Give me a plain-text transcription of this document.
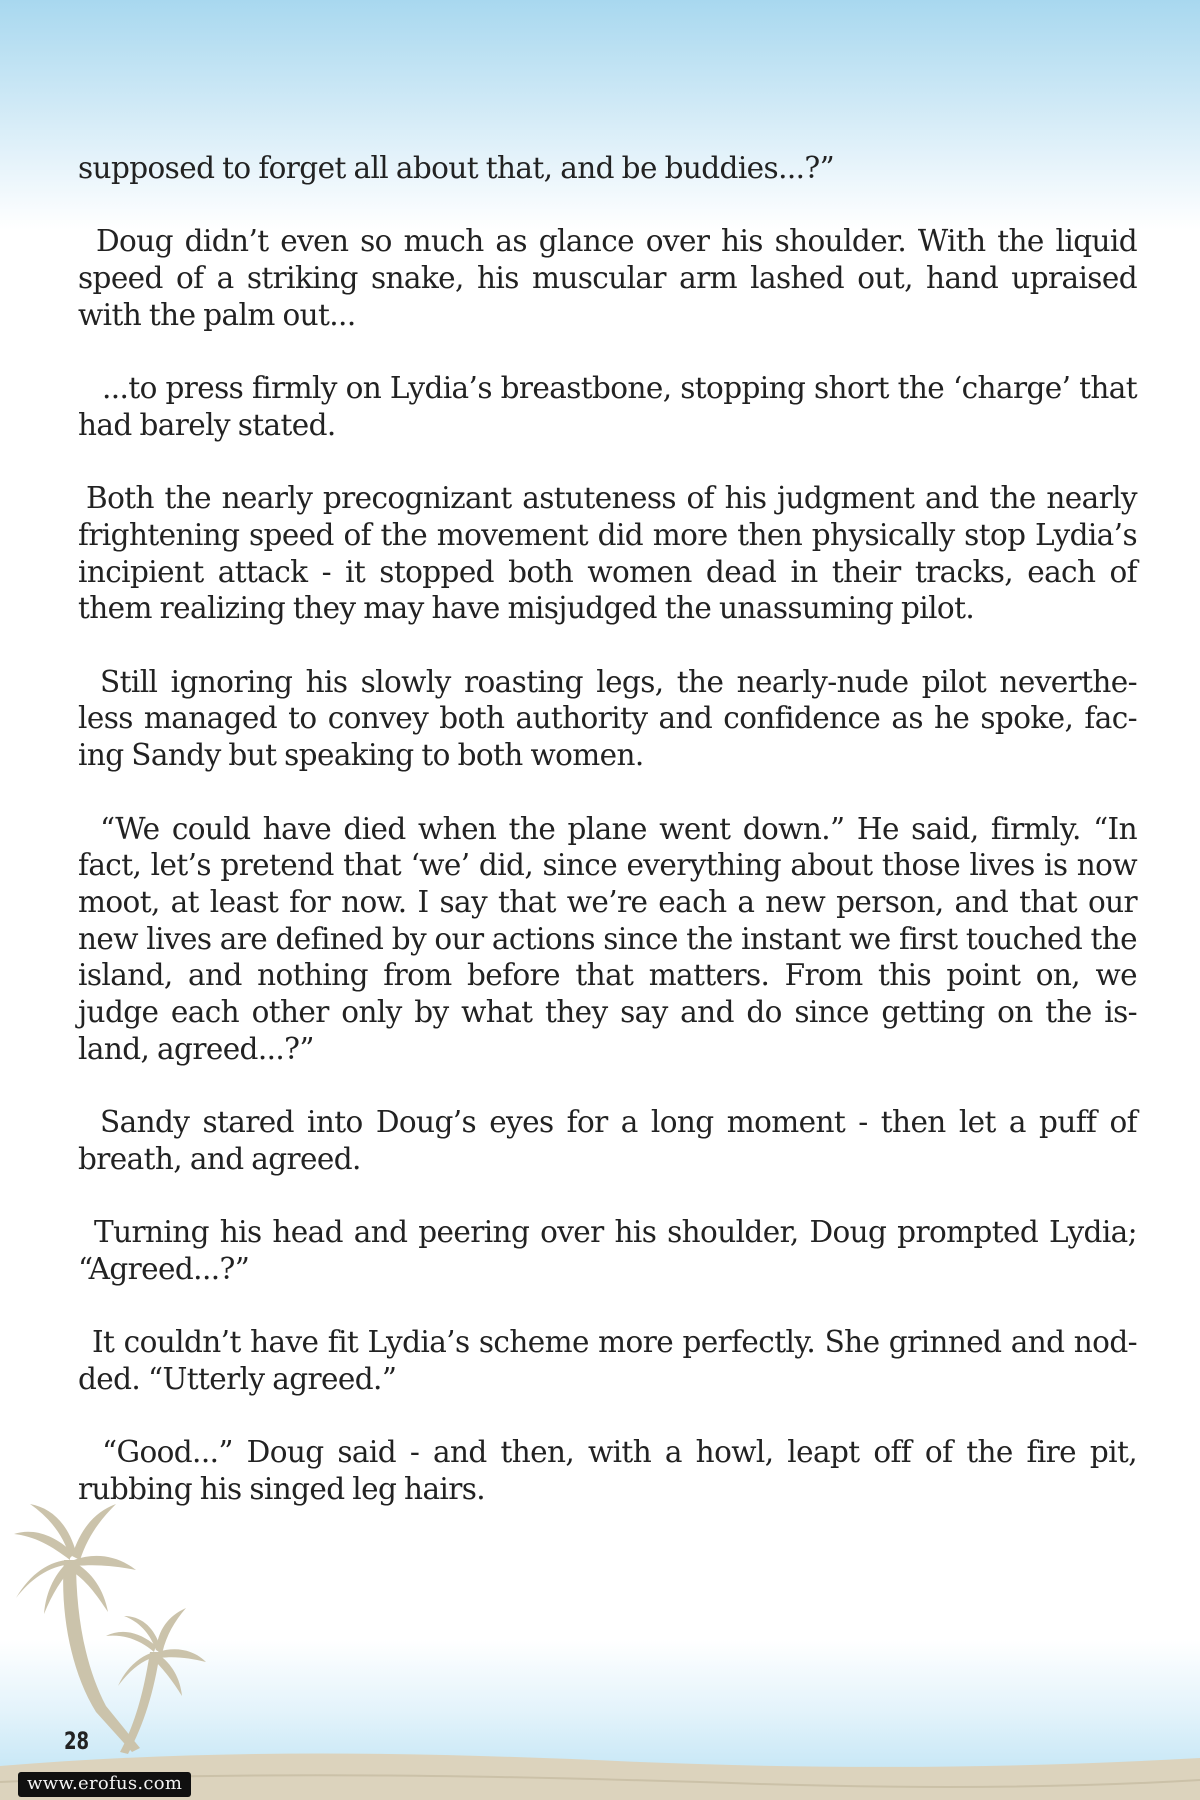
supposed to forget all about that, and be buddies...?”

Doug didn’t even so much as glance over his shoulder. With the liquid speed of a striking snake, his muscular arm lashed out, hand upraised with the palm out...

...to press firmly on Lydia’s breastbone, stopping short the ‘charge’ that had barely stated.

Both the nearly precognizant astuteness of his judgment and the nearly frightening speed of the movement did more then physically stop Lydia’s incipient attack - it stopped both women dead in their tracks, each of them realizing they may have misjudged the unassuming pilot.

Still ignoring his slowly roasting legs, the nearly-nude pilot neverthe-less managed to convey both authority and confidence as he spoke, fac-ing Sandy but speaking to both women.

“We could have died when the plane went down.” He said, firmly. “In fact, let’s pretend that ‘we’ did, since everything about those lives is now moot, at least for now. I say that we’re each a new person, and that our new lives are defined by our actions since the instant we first touched the island, and nothing from before that matters. From this point on, we judge each other only by what they say and do since getting on the is-land, agreed...?”

Sandy stared into Doug’s eyes for a long moment - then let a puff of breath, and agreed.

Turning his head and peering over his shoulder, Doug prompted Lydia; “Agreed...?”

It couldn’t have fit Lydia’s scheme more perfectly. She grinned and nod-ded. “Utterly agreed.”

“Good...” Doug said - and then, with a howl, leapt off of the fire pit, rubbing his singed leg hairs.

28
www.erofus.com
